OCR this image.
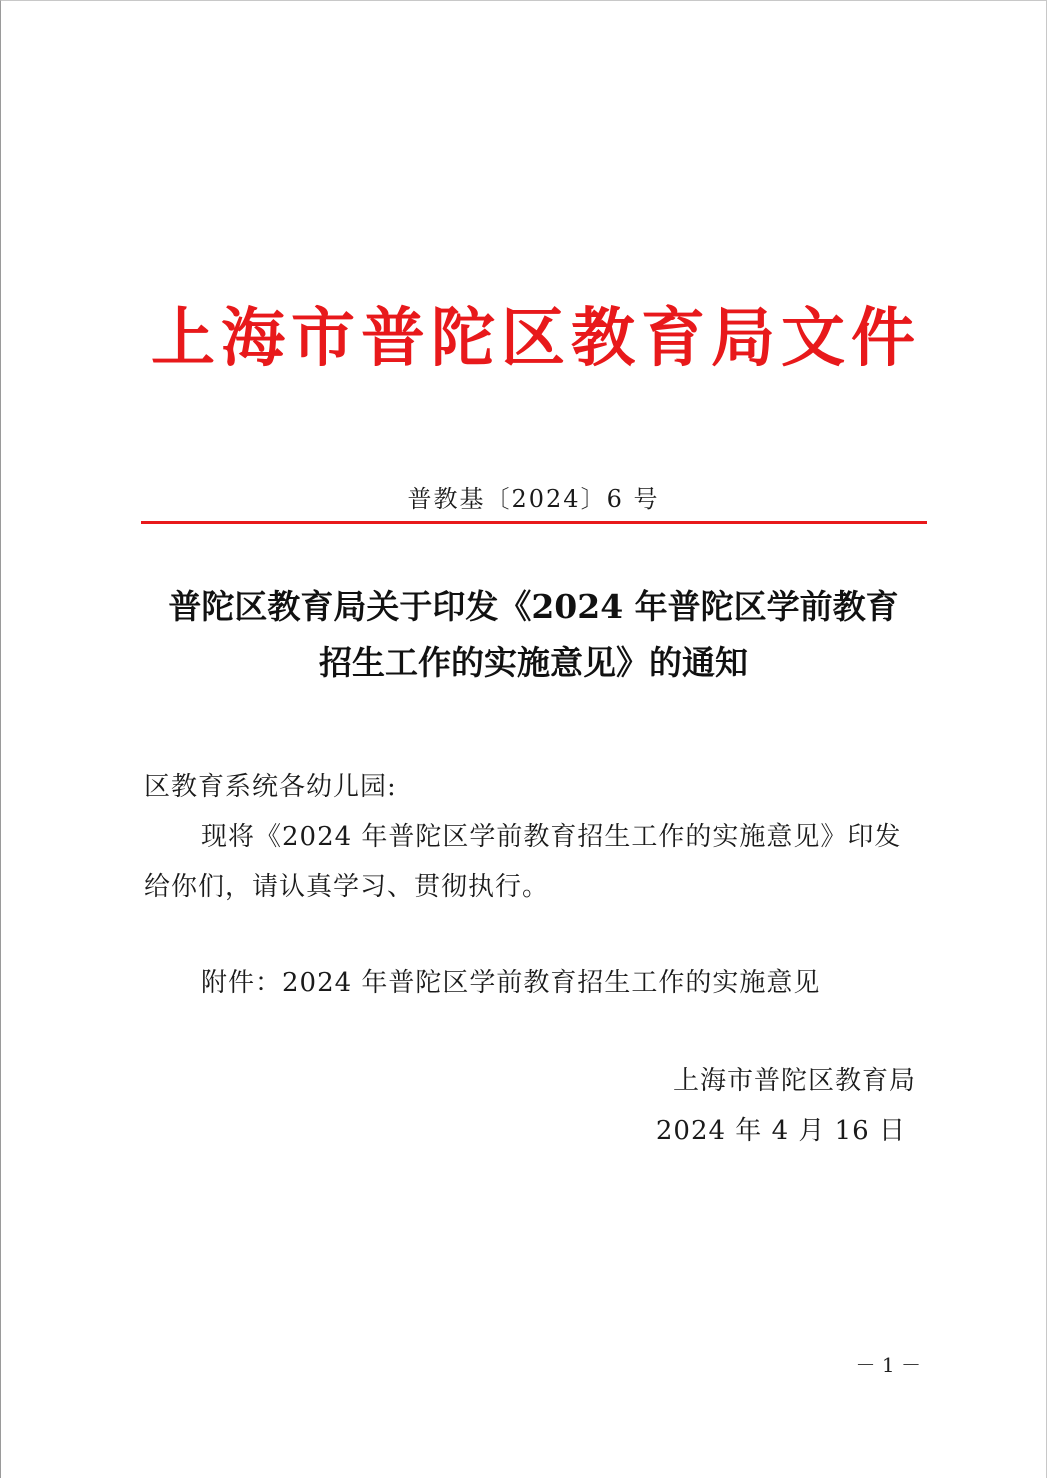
上海市普陀区教育局文件
普教基〔2024〕6 号
普陀区教育局关于印发《2024 年普陀区学前教育
招生工作的实施意见》的通知
区教育系统各幼儿园:
现将《2024 年普陀区学前教育招生工作的实施意见》印发
给你们，请认真学习、贯彻执行。
附件：2024 年普陀区学前教育招生工作的实施意见
上海市普陀区教育局
2024 年 4 月 16 日
－ 1 －
